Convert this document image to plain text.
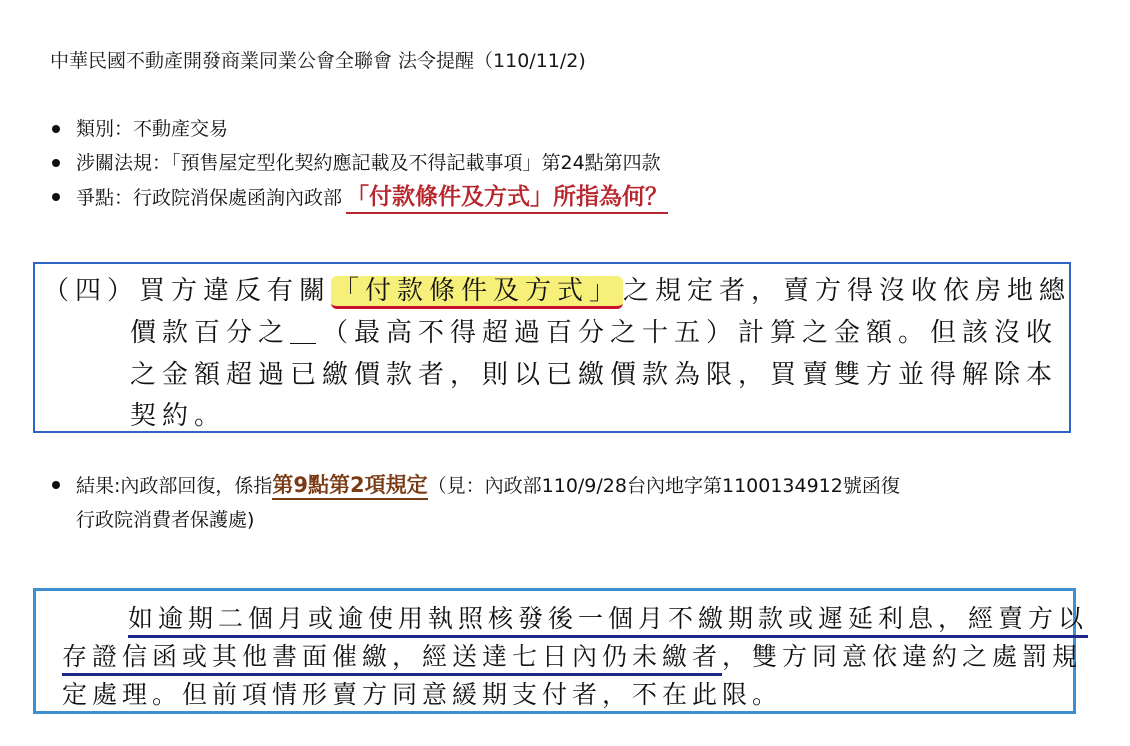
中華民國不動產開發商業同業公會全聯會 法令提醒（110/11/2)
類別：不動產交易
涉關法規：「預售屋定型化契約應記載及不得記載事項」第24點第四款
爭點：行政院消保處函詢內政部 「付款條件及方式」所指為何？
（四）買方違反有關「付款條件及方式」之規定者，賣方得沒收依房地總
價款百分之＿（最高不得超過百分之十五）計算之金額。但該沒收
之金額超過已繳價款者，則以已繳價款為限，買賣雙方並得解除本
契約。
結果:內政部回復，係指第9點第2項規定（見：內政部110/9/28台內地字第1100134912號函復
行政院消費者保護處)
如逾期二個月或逾使用執照核發後一個月不繳期款或遲延利息，經賣方以
存證信函或其他書面催繳，經送達七日內仍未繳者，雙方同意依違約之處罰規
定處理。但前項情形賣方同意緩期支付者，不在此限。
